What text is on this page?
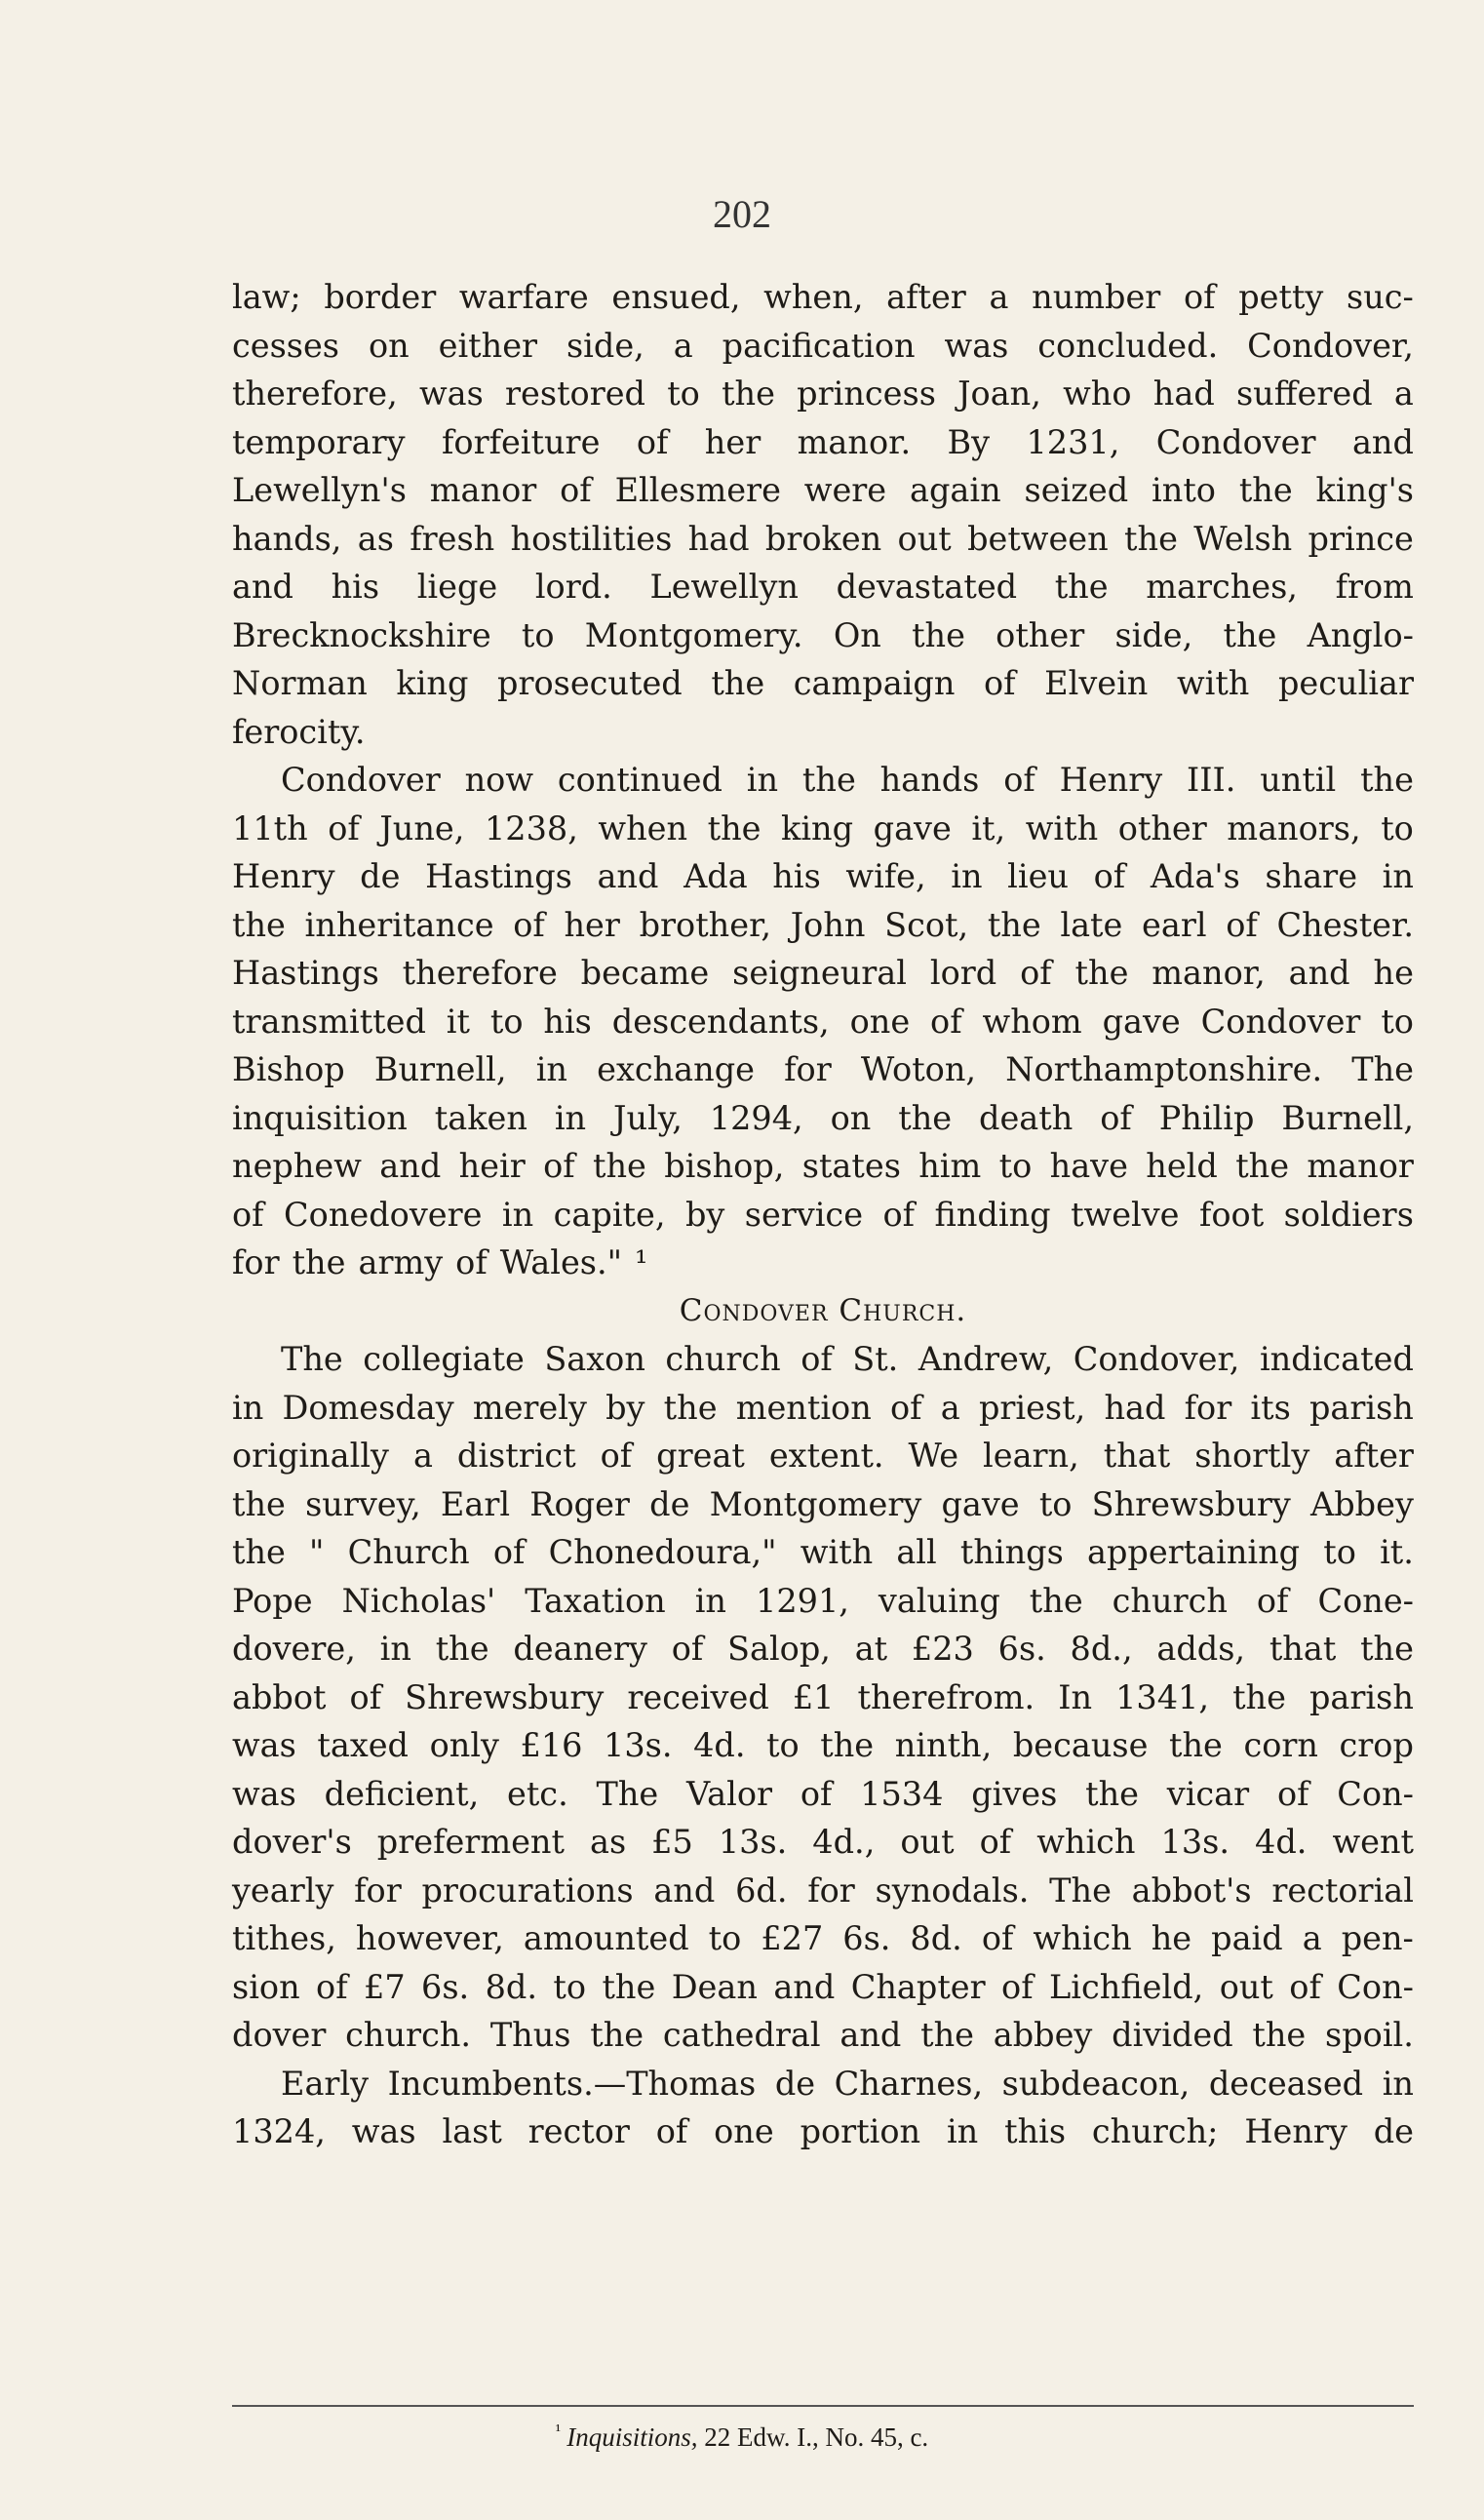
202
law; border warfare ensued, when, after a number of petty suc-
cesses on either side, a pacification was concluded. Condover,
therefore, was restored to the princess Joan, who had suffered a
temporary forfeiture of her manor. By 1231, Condover and
Lewellyn's manor of Ellesmere were again seized into the king's
hands, as fresh hostilities had broken out between the Welsh prince
and his liege lord. Lewellyn devastated the marches, from
Brecknockshire to Montgomery. On the other side, the Anglo-
Norman king prosecuted the campaign of Elvein with peculiar
ferocity.
Condover now continued in the hands of Henry III. until the
11th of June, 1238, when the king gave it, with other manors, to
Henry de Hastings and Ada his wife, in lieu of Ada's share in
the inheritance of her brother, John Scot, the late earl of Chester.
Hastings therefore became seigneural lord of the manor, and he
transmitted it to his descendants, one of whom gave Condover to
Bishop Burnell, in exchange for Woton, Northamptonshire. The
inquisition taken in July, 1294, on the death of Philip Burnell,
nephew and heir of the bishop, states him to have held the manor
of Conedovere in capite, by service of finding twelve foot soldiers
for the army of Wales." ¹
Condover Church.
The collegiate Saxon church of St. Andrew, Condover, indicated
in Domesday merely by the mention of a priest, had for its parish
originally a district of great extent. We learn, that shortly after
the survey, Earl Roger de Montgomery gave to Shrewsbury Abbey
the " Church of Chonedoura," with all things appertaining to it.
Pope Nicholas' Taxation in 1291, valuing the church of Cone-
dovere, in the deanery of Salop, at £23 6s. 8d., adds, that the
abbot of Shrewsbury received £1 therefrom. In 1341, the parish
was taxed only £16 13s. 4d. to the ninth, because the corn crop
was deficient, etc. The Valor of 1534 gives the vicar of Con-
dover's preferment as £5 13s. 4d., out of which 13s. 4d. went
yearly for procurations and 6d. for synodals. The abbot's rectorial
tithes, however, amounted to £27 6s. 8d. of which he paid a pen-
sion of £7 6s. 8d. to the Dean and Chapter of Lichfield, out of Con-
dover church. Thus the cathedral and the abbey divided the spoil.
Early Incumbents.—Thomas de Charnes, subdeacon, deceased in
1324, was last rector of one portion in this church; Henry de
$^{^1}$ Inquisitions, 22 Edw. I., No. 45, c.
